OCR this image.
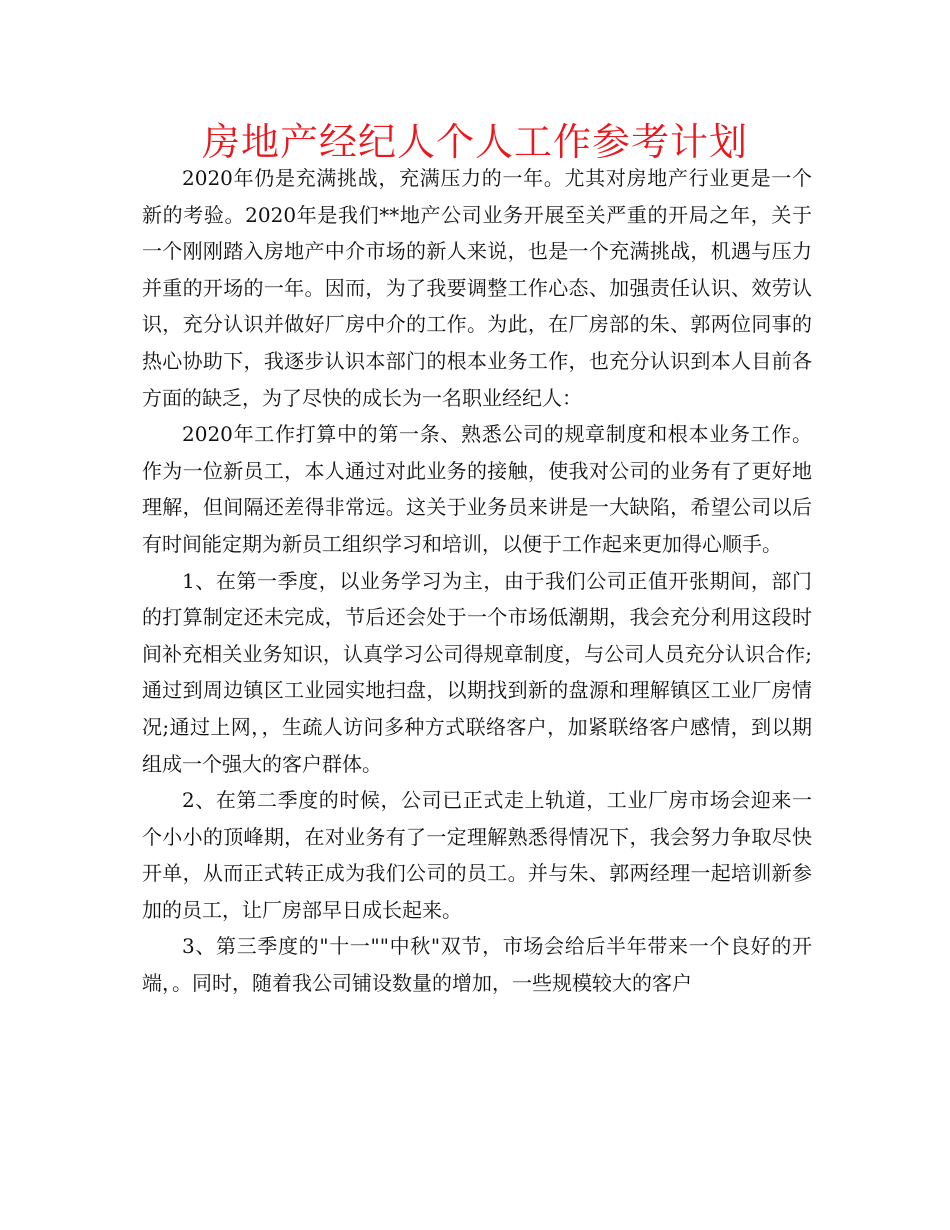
房地产经纪人个人工作参考计划

2020年仍是充满挑战，充满压力的一年。尤其对房地产行业更是一个新的考验。2020年是我们**地产公司业务开展至关严重的开局之年，关于一个刚刚踏入房地产中介市场的新人来说，也是一个充满挑战，机遇与压力并重的开场的一年。因而，为了我要调整工作心态、加强责任认识、效劳认识，充分认识并做好厂房中介的工作。为此，在厂房部的朱、郭两位同事的热心协助下，我逐步认识本部门的根本业务工作，也充分认识到本人目前各方面的缺乏，为了尽快的成长为一名职业经纪人：

2020年工作打算中的第一条、熟悉公司的规章制度和根本业务工作。作为一位新员工，本人通过对此业务的接触，使我对公司的业务有了更好地理解，但间隔还差得非常远。这关于业务员来讲是一大缺陷，希望公司以后有时间能定期为新员工组织学习和培训，以便于工作起来更加得心顺手。

1、在第一季度，以业务学习为主，由于我们公司正值开张期间，部门的打算制定还未完成，节后还会处于一个市场低潮期，我会充分利用这段时间补充相关业务知识，认真学习公司得规章制度，与公司人员充分认识合作;通过到周边镇区工业园实地扫盘，以期找到新的盘源和理解镇区工业厂房情况;通过上网，，生疏人访问多种方式联络客户，加紧联络客户感情，到以期组成一个强大的客户群体。

2、在第二季度的时候，公司已正式走上轨道，工业厂房市场会迎来一个小小的顶峰期，在对业务有了一定理解熟悉得情况下，我会努力争取尽快开单，从而正式转正成为我们公司的员工。并与朱、郭两经理一起培训新参加的员工，让厂房部早日成长起来。

3、第三季度的"十一""中秋"双节，市场会给后半年带来一个良好的开端，。同时，随着我公司铺设数量的增加，一些规模较大的客户
